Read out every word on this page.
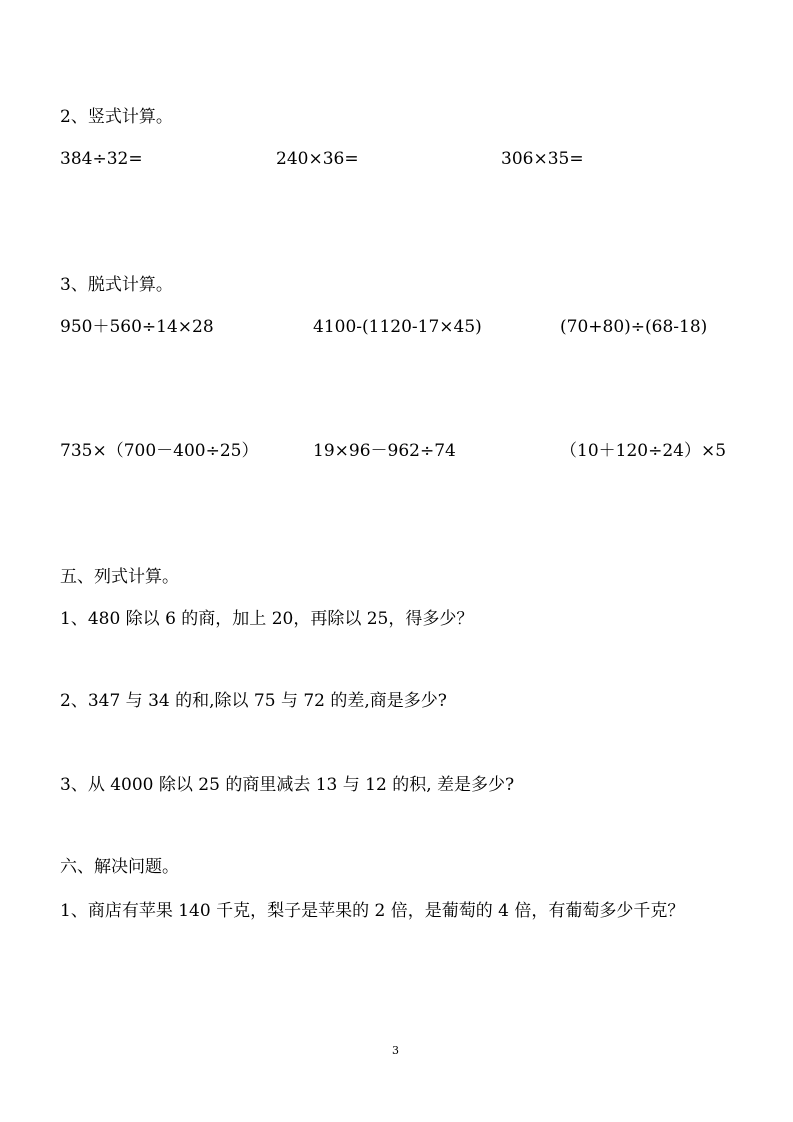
2、竖式计算。
384÷32=	240×36=	306×35=
3、脱式计算。
950＋560÷14×28	4100-(1120-17×45)	(70+80)÷(68-18)
735×（700－400÷25）	19×96－962÷74	（10＋120÷24）×5
五、列式计算。
1、480 除以 6 的商，加上 20，再除以 25，得多少？
2、347 与 34 的和,除以 75 与 72 的差,商是多少?
3、从 4000 除以 25 的商里减去 13 与 12 的积, 差是多少?
六、解决问题。
1、商店有苹果 140 千克，梨子是苹果的 2 倍，是葡萄的 4 倍，有葡萄多少千克？
3
